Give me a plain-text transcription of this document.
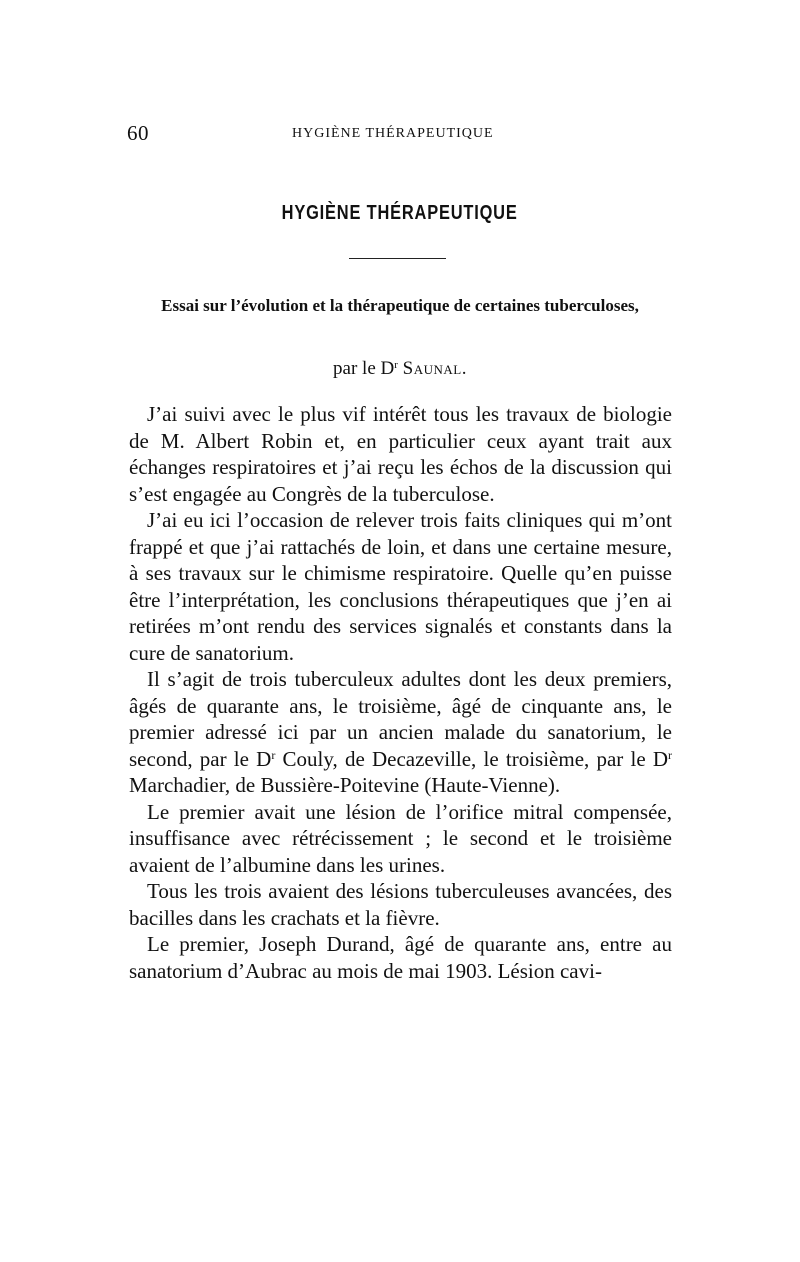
60	HYGIÈNE THÉRAPEUTIQUE
HYGIÈNE THÉRAPEUTIQUE
Essai sur l’évolution et la thérapeutique de certaines tuberculoses,
par le $D^r$ Saunal.

J’ai suivi avec le plus vif intérêt tous les travaux de biologie de M. Albert Robin et, en particulier ceux ayant trait aux échanges respiratoires et j’ai reçu les échos de la discussion qui s’est engagée au Congrès de la tuberculose.

J’ai eu ici l’occasion de relever trois faits cliniques qui m’ont frappé et que j’ai rattachés de loin, et dans une certaine mesure, à ses travaux sur le chimisme respiratoire. Quelle qu’en puisse être l’interprétation, les conclusions thérapeutiques que j’en ai retirées m’ont rendu des services signalés et constants dans la cure de sanatorium.

Il s’agit de trois tuberculeux adultes dont les deux premiers, âgés de quarante ans, le troisième, âgé de cinquante ans, le premier adressé ici par un ancien malade du sanatorium, le second, par le $D^r$ Couly, de Decazeville, le troisième, par le $D^r$ Marchadier, de Bussière-Poitevine (Haute-Vienne).

Le premier avait une lésion de l’orifice mitral compensée, insuffisance avec rétrécissement ; le second et le troisième avaient de l’albumine dans les urines.

Tous les trois avaient des lésions tuberculeuses avancées, des bacilles dans les crachats et la fièvre.

Le premier, Joseph Durand, âgé de quarante ans, entre au sanatorium d’Aubrac au mois de mai 1903. Lésion cavi-
